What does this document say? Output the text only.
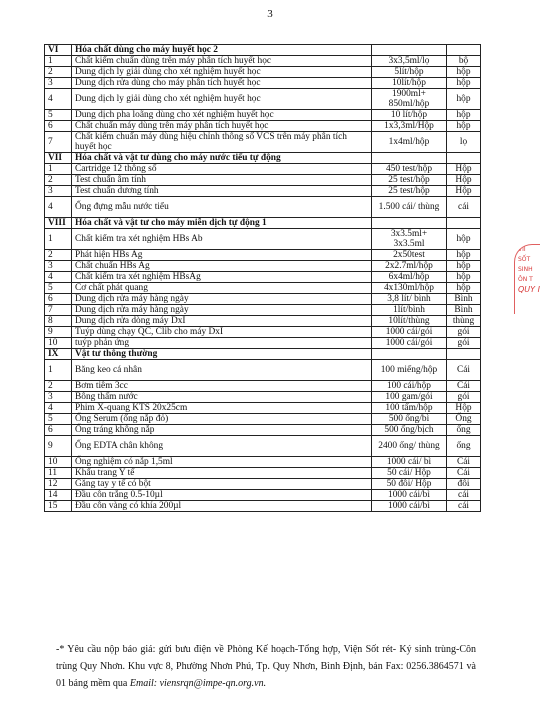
3
VI	Hóa chất dùng cho máy huyết học 2		
1	Chất kiểm chuẩn dùng trên máy phân tích huyết học	3x3,5ml/lọ	bộ
2	Dung dịch ly giải dùng cho xét nghiệm huyết học	5lít/hộp	hộp
3	Dung dịch rửa dùng cho máy phân tích huyết học	10lít/hộp	hộp
4	Dung dịch ly giải dùng cho xét nghiệm huyết học	1900ml+ 850ml/hộp	hộp
5	Dung dịch pha loãng dùng cho xét nghiệm huyết học	10 lít/hộp	hộp
6	Chất chuẩn máy dùng trên máy phân tích huyết học	1x3,3ml/Hộp	hộp
7	Chất kiểm chuẩn máy dùng hiệu chỉnh thông số VCS trên máy phân tích huyết học	1x4ml/hộp	lọ
VII	Hóa chất và vật tư dùng cho máy nước tiểu tự động		
1	Cartridge 12 thông số	450 test/hộp	Hộp
2	Test chuẩn âm tính	25 test/hộp	Hộp
3	Test chuẩn dương tính	25 test/hộp	Hộp
4	Ống đựng mẫu nước tiểu	1.500 cái/ thùng	cái
VIII	Hóa chất và vật tư cho máy miễn dịch tự động 1		
1	Chất kiểm tra xét nghiệm HBs Ab	3x3.5ml+ 3x3.5ml	hộp
2	Phát hiện HBs Ag	2x50test	hộp
3	Chất chuẩn HBs Ag	2x2.7ml/hộp	hộp
4	Chất kiểm tra xét nghiệm HBsAg	6x4ml/hộp	hộp
5	Cơ chất phát quang	4x130ml/hộp	hộp
6	Dung dịch rửa máy hàng ngày	3,8 lít/ bình	Bình
7	Dung dịch rửa máy hàng ngày	1lít/bình	Bình
8	Dung dịch rửa dòng máy DxI	10lít/thùng	thùng
9	Tuýp dùng chạy QC, Clib cho máy DxI	1000 cái/gói	gói
10	tuýp phản ứng	1000 cái/gói	gói
IX	Vật tư thông thường		
1	Băng keo cá nhân	100 miếng/hộp	Cái
2	Bơm tiêm 3cc	100 cái/hộp	Cái
3	Bông thấm nước	100 gam/gói	gói
4	Phim X-quang KTS 20x25cm	100 tấm/hộp	Hộp
5	Ống Serum (ống nắp đỏ)	500 ống/bì	Ống
6	Ống tráng không nắp	500 ống/bịch	ống
9	Ống EDTA chân không	2400 ống/ thùng	ống
10	Ống nghiệm có nắp 1,5ml	1000 cái/ bì	Cái
11	Khẩu trang Y tế	50 cái/ Hộp	Cái
12	Găng tay y tế có bột	50 đôi/ Hộp	đôi
14	Đầu côn trắng 0.5-10µl	1000 cái/bì	cái
15	Đầu côn vàng có khía 200µl	1000 cái/bì	cái
-* Yêu cầu nộp báo giá: gửi bưu điện về Phòng Kế hoạch-Tổng hợp, Viện Sốt rét- Ký sinh trùng-Côn trùng Quy Nhơn. Khu vực 8, Phường Nhơn Phú, Tp. Quy Nhơn, Bình Định, bản Fax: 0256.3864571 và 01 bảng mềm qua Email: viensrqn@impe-qn.org.vn.
VII
SỐT
SINH
ÔN T
QUY I
